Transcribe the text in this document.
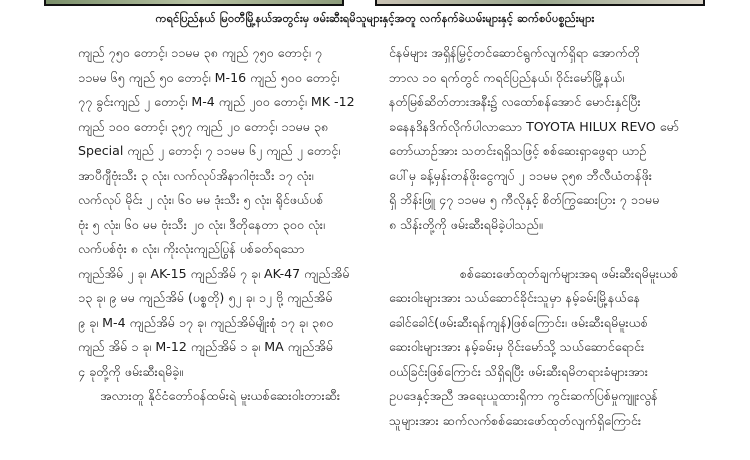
ကရင်ပြည်နယ် မြဝတီမြို့နယ်အတွင်းမှ ဖမ်းဆီးရမိသူများနှင့်အတူ လက်နက်ခဲယမ်းများနှင့် ဆက်စပ်ပစ္စည်းများ
ကျည် ၇၅၀ တောင့်၊ ၁၁မမ ၃၈ ကျည် ၇၅၀ တောင့်၊ ၇
၁၁မမ ၆၅ ကျည် ၅၀ တောင့်၊ M-16 ကျည် ၅၀၀ တောင့်၊
၇၇ ခွင်းကျည် ၂ တောင့်၊ M-4 ကျည် ၂၀၀ တောင့်၊ MK -12
ကျည် ၁၀၀ တောင့်၊ ၃၅၇ ကျည် ၂၀ တောင့်၊ ၁၁မမ ၃၈
Special ကျည် ၂ တောင့်၊ ၇ ၁၁မမ ၆၂ ကျည် ၂ တောင့်၊
အာပီဂျီဗုံးသီး ၃ လုံး၊ လက်လုပ်အိနာဂါဗုံးသီး ၁၇ လုံး၊
လက်လုပ် မိုင်း ၂ လုံး၊ ၆၀ မမ ဒုံးသီး ၅ လုံး၊ ရိုင်ဖယ်ပစ်
ဗုံး ၅ လုံး၊ ၆၀ မမ ဗုံးသီး ၂၀ လုံး၊ ဒီတိုနေတာ ၃၀၀ လုံး၊
လက်ပစ်ဗုံး ၈ လုံး၊ ကိုးလုံးကျည်ပြွန် ပစ်ခတ်ရသော
ကျည်အိမ် ၂ ခု၊ AK-15 ကျည်အိမ် ၇ ခု၊ AK-47 ကျည်အိမ်
၁၃ ခု၊ ၉ မမ ကျည်အိမ် (ပစ္စတို) ၅၂ ခု၊ ၁၂ ဗို့ ကျည်အိမ်
၉ ခု၊ M-4 ကျည်အိမ် ၁၇ ခု၊ ကျည်အိမ်မျိုးစုံ ၁၇ ခု၊ ၃၈၀
ကျည် အိမ် ၁ ခု၊ M-12 ကျည်အိမ် ၁ ခု၊ MA ကျည်အိမ်
၄ ခုတို့ကို ဖမ်းဆီးရမိခဲ့။
အလားတူ နိုင်ငံတော်ဝန်ထမ်းရဲ မူးယစ်ဆေးဝါးတားဆီး
င်နမ်များ အရှိန်မြှင့်တင်ဆောင်ရွက်လျက်ရှိရာ အောက်တို
ဘာလ ၁၀ ရက်တွင် ကရင်ပြည်နယ်၊ ဝိုင်းမော်မြို့နယ်၊
နတ်မြစ်ဆိတ်တားအနီး၌ လထော်စန်အောင် မောင်းနှင်ပြီး
ခနေနဒိနဒိက်လိုက်ပါလာသော TOYOTA HILUX REVO မော်
တော်ယာဉ်အား သတင်းရရှိသဖြင့် စစ်ဆေးရှာဖွေရာ ယာဉ်
ပေါ်မှ ခန့်မှန်းတန်ဖိုးငွေကျပ် ၂ ၁၁မမ ၃၅၈ ဘီလီယံတန်ဖိုး
ရှိ ဘိန်းဖြူ ၄၇ ၁၁မမ ၅ ကီလိုနှင့် စိတ်ကြွဆေးပြား ၇ ၁၁မမ
၈ သိန်းတို့ကို ဖမ်းဆီးရမိခဲ့ပါသည်။
စစ်ဆေးဖော်ထုတ်ချက်များအရ ဖမ်းဆီးရမိမူးယစ်
ဆေးဝါးများအား သယ်ဆောင်ခိုင်းသူမှာ နမ့်ခမ်းမြို့နယ်နေ
ခေါင်ခေါင်(ဖမ်းဆီးရန်ကျန်)ဖြစ်ကြောင်း၊ ဖမ်းဆီးရမိမူးယစ်
ဆေးဝါးများအား နမ့်ခမ်းမှ ဝိုင်းမော်သို့ သယ်ဆောင်ရောင်း
ဝယ်ခြင်းဖြစ်ကြောင်း သိရှိရပြီး ဖမ်းဆီးရမိတရားခံများအား
ဥပဒေနှင့်အညီ အရေးယူထားရှိကာ ကွင်းဆက်ပြစ်မှုကျူးလွန်
သူများအား ဆက်လက်စစ်ဆေးဖော်ထုတ်လျက်ရှိကြောင်း
